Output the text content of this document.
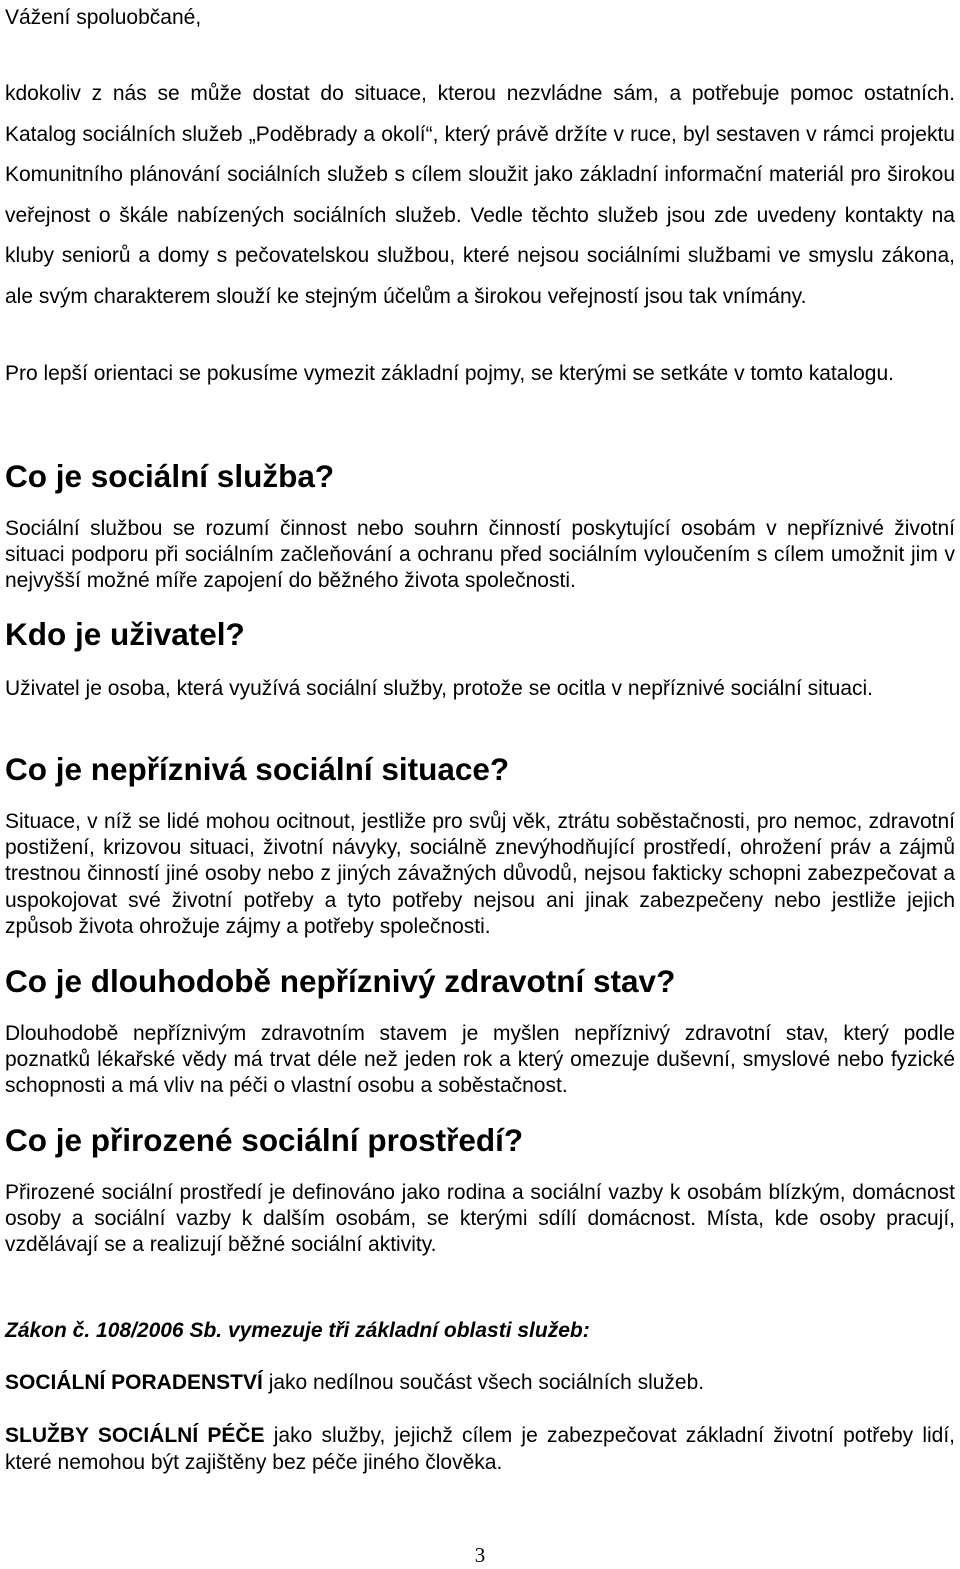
Vážení spoluobčané,

kdokoliv z nás se může dostat do situace, kterou nezvládne sám, a potřebuje pomoc ostatních. Katalog sociálních služeb „Poděbrady a okolí“, který právě držíte v ruce, byl sestaven v rámci projektu Komunitního plánování sociálních služeb s cílem sloužit jako základní informační materiál pro širokou veřejnost o škále nabízených sociálních služeb. Vedle těchto služeb jsou zde uvedeny kontakty na kluby seniorů a domy s pečovatelskou službou, které nejsou sociálními službami ve smyslu zákona, ale svým charakterem slouží ke stejným účelům a širokou veřejností jsou tak vnímány.

Pro lepší orientaci se pokusíme vymezit základní pojmy, se kterými se setkáte v tomto katalogu.

Co je sociální služba?

Sociální službou se rozumí činnost nebo souhrn činností poskytující osobám v nepříznivé životní situaci podporu při sociálním začleňování a ochranu před sociálním vyloučením s cílem umožnit jim v nejvyšší možné míře zapojení do běžného života společnosti.

Kdo je uživatel?

Uživatel je osoba, která využívá sociální služby, protože se ocitla v nepříznivé sociální situaci.

Co je nepříznivá sociální situace?

Situace, v níž se lidé mohou ocitnout, jestliže pro svůj věk, ztrátu soběstačnosti, pro nemoc, zdravotní postižení, krizovou situaci, životní návyky, sociálně znevýhodňující prostředí, ohrožení práv a zájmů trestnou činností jiné osoby nebo z jiných závažných důvodů, nejsou fakticky schopni zabezpečovat a uspokojovat své životní potřeby a tyto potřeby nejsou ani jinak zabezpečeny nebo jestliže jejich způsob života ohrožuje zájmy a potřeby společnosti.

Co je dlouhodobě nepříznivý zdravotní stav?

Dlouhodobě nepříznivým zdravotním stavem je myšlen nepříznivý zdravotní stav, který podle poznatků lékařské vědy má trvat déle než jeden rok a který omezuje duševní, smyslové nebo fyzické schopnosti a má vliv na péči o vlastní osobu a soběstačnost.

Co je přirozené sociální prostředí?

Přirozené sociální prostředí je definováno jako rodina a sociální vazby k osobám blízkým, domácnost osoby a sociální vazby k dalším osobám, se kterými sdílí domácnost. Místa, kde osoby pracují, vzdělávají se a realizují běžné sociální aktivity.

Zákon č. 108/2006 Sb. vymezuje tři základní oblasti služeb:

SOCIÁLNÍ PORADENSTVÍ jako nedílnou součást všech sociálních služeb.

SLUŽBY SOCIÁLNÍ PÉČE jako služby, jejichž cílem je zabezpečovat základní životní potřeby lidí, které nemohou být zajištěny bez péče jiného člověka.

3
